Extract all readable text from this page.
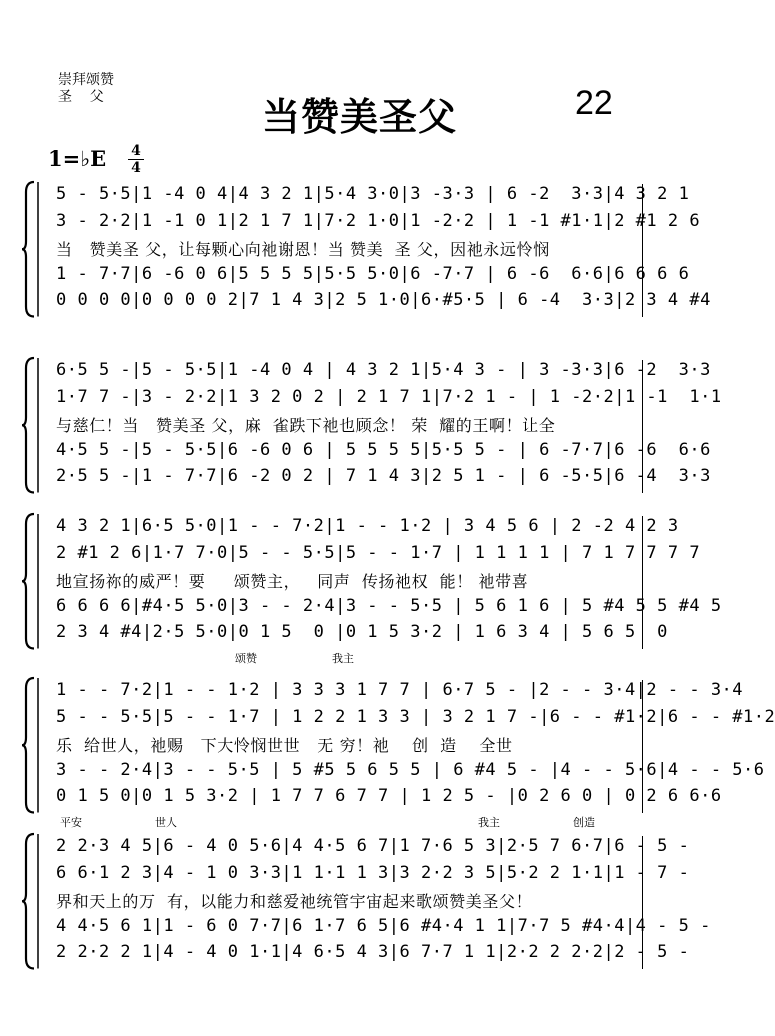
崇拜颂赞
圣    父	当赞美圣父	22
1=♭E 4
4
5 - 5·5|1 -4 0 4|4 3 2 1|5·4 3·0|3 -3·3 | 6 -2  3·3|4 3 2 1
3 - 2·2|1 -1 0 1|2 1 7 1|7·2 1·0|1 -2·2 | 1 -1 #1·1|2 #1 2 6
当   赞美圣 父，让每颗心向祂谢恩！当 赞美  圣 父，因祂永远怜悯
1 - 7·7|6 -6 0 6|5 5 5 5|5·5 5·0|6 -7·7 | 6 -6  6·6|6 6 6 6
0 0 0 0|0 0 0 0 2|7 1 4 3|2 5 1·0|6·#5·5 | 6 -4  3·3|2 3 4 #4
6·5 5 -|5 - 5·5|1 -4 0 4 | 4 3 2 1|5·4 3 - | 3 -3·3|6 -2  3·3
1·7 7 -|3 - 2·2|1 3 2 0 2 | 2 1 7 1|7·2 1 - | 1 -2·2|1 -1  1·1
与慈仁！当   赞美圣 父，麻  雀跌下祂也顾念！ 荣  耀的王啊！让全
4·5 5 -|5 - 5·5|6 -6 0 6 | 5 5 5 5|5·5 5 - | 6 -7·7|6 -6  6·6
2·5 5 -|1 - 7·7|6 -2 0 2 | 7 1 4 3|2 5 1 - | 6 -5·5|6 -4  3·3
4 3 2 1|6·5 5·0|1 - - 7·2|1 - - 1·2 | 3 4 5 6 | 2 -2 4 2 3
2 #1 2 6|1·7 7·0|5 - - 5·5|5 - - 1·7 | 1 1 1 1 | 7 1 7 7 7 7
地宣扬祢的威严！要     颂赞主，   同声  传扬祂权  能！ 祂带喜
6 6 6 6|#4·5 5·0|3 - - 2·4|3 - - 5·5 | 5 6 1 6 | 5 #4 5 5 #4 5
2 3 4 #4|2·5 5·0|0 1 5  0 |0 1 5 3·2 | 1 6 3 4 | 5 6 5  0
颂赞	我主
1 - - 7·2|1 - - 1·2 | 3 3 3 1 7 7 | 6·7 5 - |2 - - 3·4|2 - - 3·4
5 - - 5·5|5 - - 1·7 | 1 2 2 1 3 3 | 3 2 1 7 -|6 - - #1·2|6 - - #1·2
乐  给世人，祂赐   下大怜悯世世   无 穷！祂    创  造    全世
3 - - 2·4|3 - - 5·5 | 5 #5 5 6 5 5 | 6 #4 5 - |4 - - 5·6|4 - - 5·6
0 1 5 0|0 1 5 3·2 | 1 7 7 6 7 7 | 1 2 5 - |0 2 6 0 | 0 2 6 6·6
平安	世人	我主	创造
2 2·3 4 5|6 - 4 0 5·6|4 4·5 6 7|1 7·6 5 3|2·5 7 6·7|6 - 5 -
6 6·1 2 3|4 - 1 0 3·3|1 1·1 1 3|3 2·2 3 5|5·2 2 1·1|1 - 7 -
界和天上的万  有，以能力和慈爱祂统管宇宙起来歌颂赞美圣父！
4 4·5 6 1|1 - 6 0 7·7|6 1·7 6 5|6 #4·4 1 1|7·7 5 #4·4|4 - 5 -
2 2·2 2 1|4 - 4 0 1·1|4 6·5 4 3|6 7·7 1 1|2·2 2 2·2|2 - 5 -
